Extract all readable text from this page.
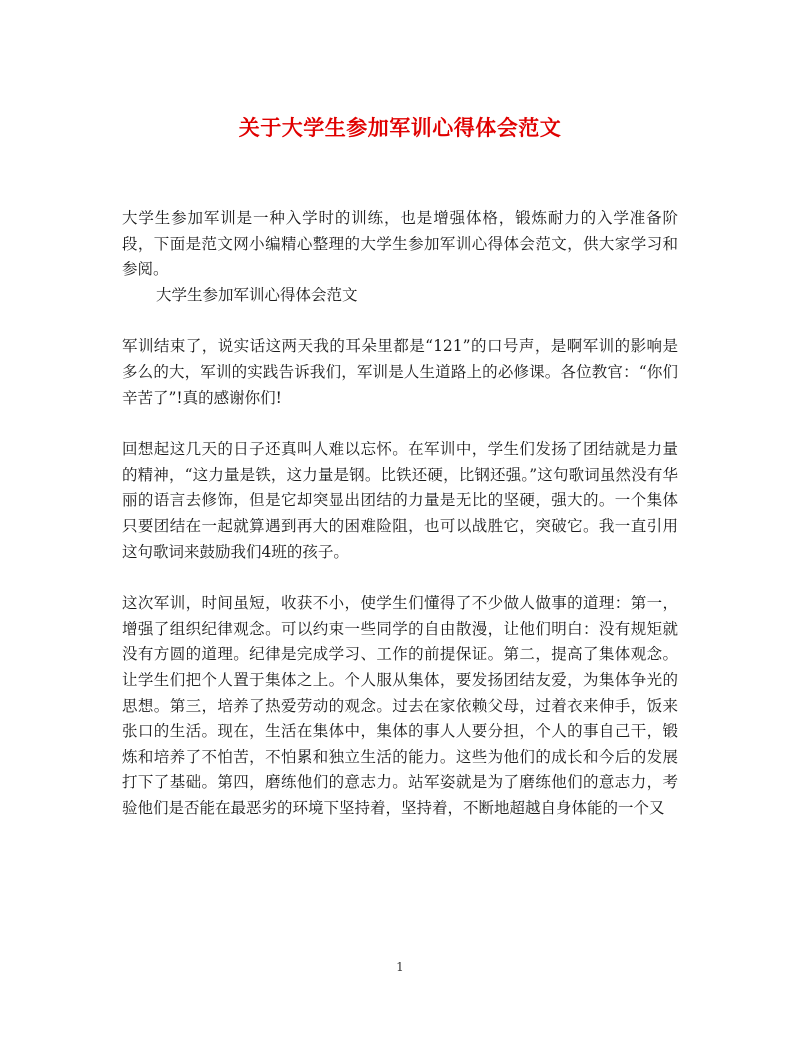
关于大学生参加军训心得体会范文

大学生参加军训是一种入学时的训练，也是增强体格，锻炼耐力的入学准备阶段，下面是范文网小编精心整理的大学生参加军训心得体会范文，供大家学习和参阅。

大学生参加军训心得体会范文

军训结束了，说实话这两天我的耳朵里都是“121”的口号声，是啊军训的影响是多么的大，军训的实践告诉我们，军训是人生道路上的必修课。各位教官：“你们辛苦了”!真的感谢你们!

回想起这几天的日子还真叫人难以忘怀。在军训中，学生们发扬了团结就是力量的精神，“这力量是铁，这力量是钢。比铁还硬，比钢还强。”这句歌词虽然没有华丽的语言去修饰，但是它却突显出团结的力量是无比的坚硬，强大的。一个集体只要团结在一起就算遇到再大的困难险阻，也可以战胜它，突破它。我一直引用这句歌词来鼓励我们4班的孩子。

这次军训，时间虽短，收获不小，使学生们懂得了不少做人做事的道理：第一，增强了组织纪律观念。可以约束一些同学的自由散漫，让他们明白：没有规矩就没有方圆的道理。纪律是完成学习、工作的前提保证。第二，提高了集体观念。让学生们把个人置于集体之上。个人服从集体，要发扬团结友爱，为集体争光的思想。第三，培养了热爱劳动的观念。过去在家依赖父母，过着衣来伸手，饭来张口的生活。现在，生活在集体中，集体的事人人要分担，个人的事自己干，锻炼和培养了不怕苦，不怕累和独立生活的能力。这些为他们的成长和今后的发展打下了基础。第四，磨练他们的意志力。站军姿就是为了磨练他们的意志力，考验他们是否能在最恶劣的环境下坚持着，坚持着，不断地超越自身体能的一个又

1
